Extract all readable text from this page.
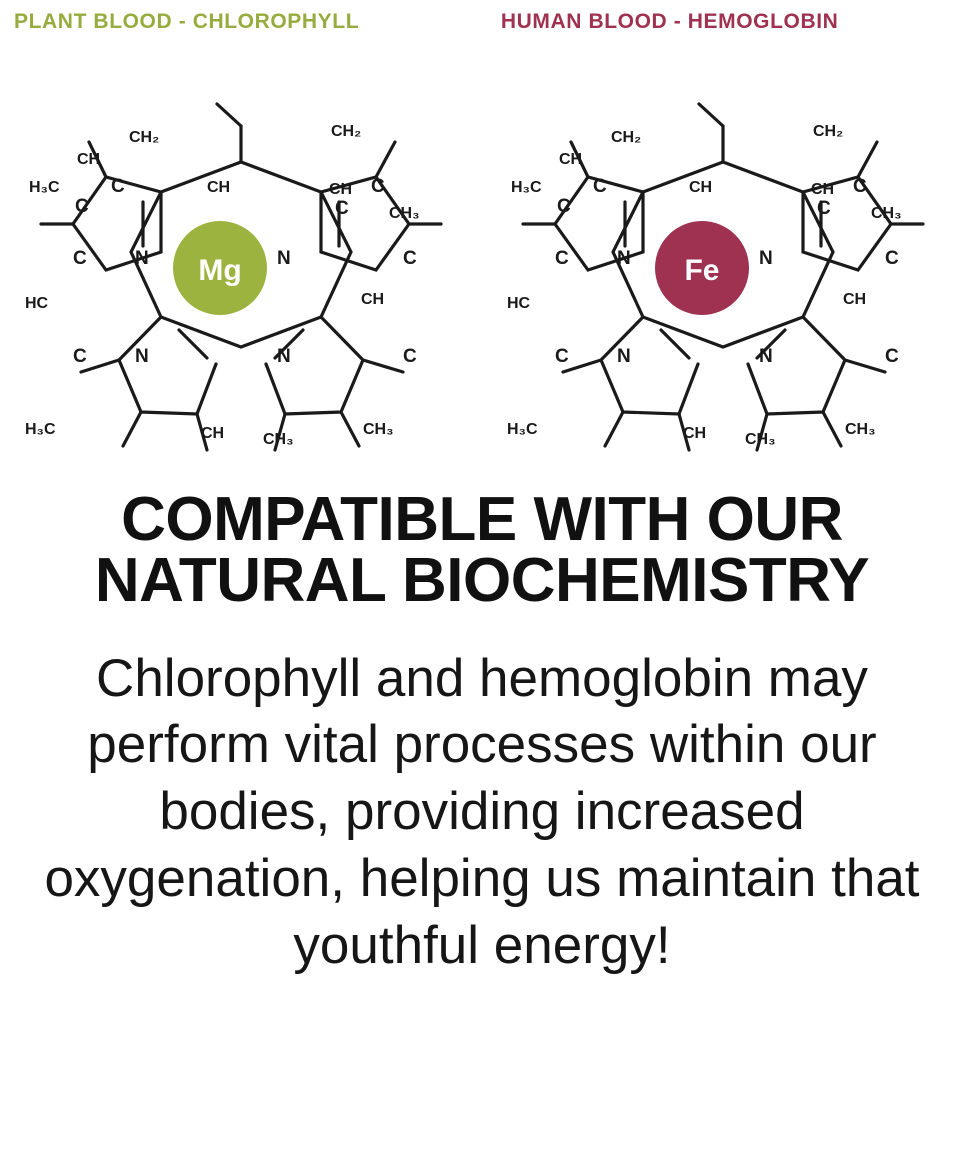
PLANT BLOOD - CHLOROPHYLL	HUMAN BLOOD - HEMOGLOBIN
H₃C
CH
CH₂
CH
CH₂
CH
CH₃
HC	CH
H₃C	CH CH₃
CH₃
C
C
C
C
C
C
C
C
N	N
N	N
Mg
H₃C
CH
CH₂
CH
CH₂
CH
CH₃
HC	CH
H₃C	CH CH₃
CH₃
C
C
C
C
C
C
C
C
N	N
N	N
Fe
COMPATIBLE WITH OUR
NATURAL BIOCHEMISTRY
Chlorophyll and hemoglobin may
perform vital processes within our
bodies, providing increased
oxygenation, helping us maintain that
youthful energy!
